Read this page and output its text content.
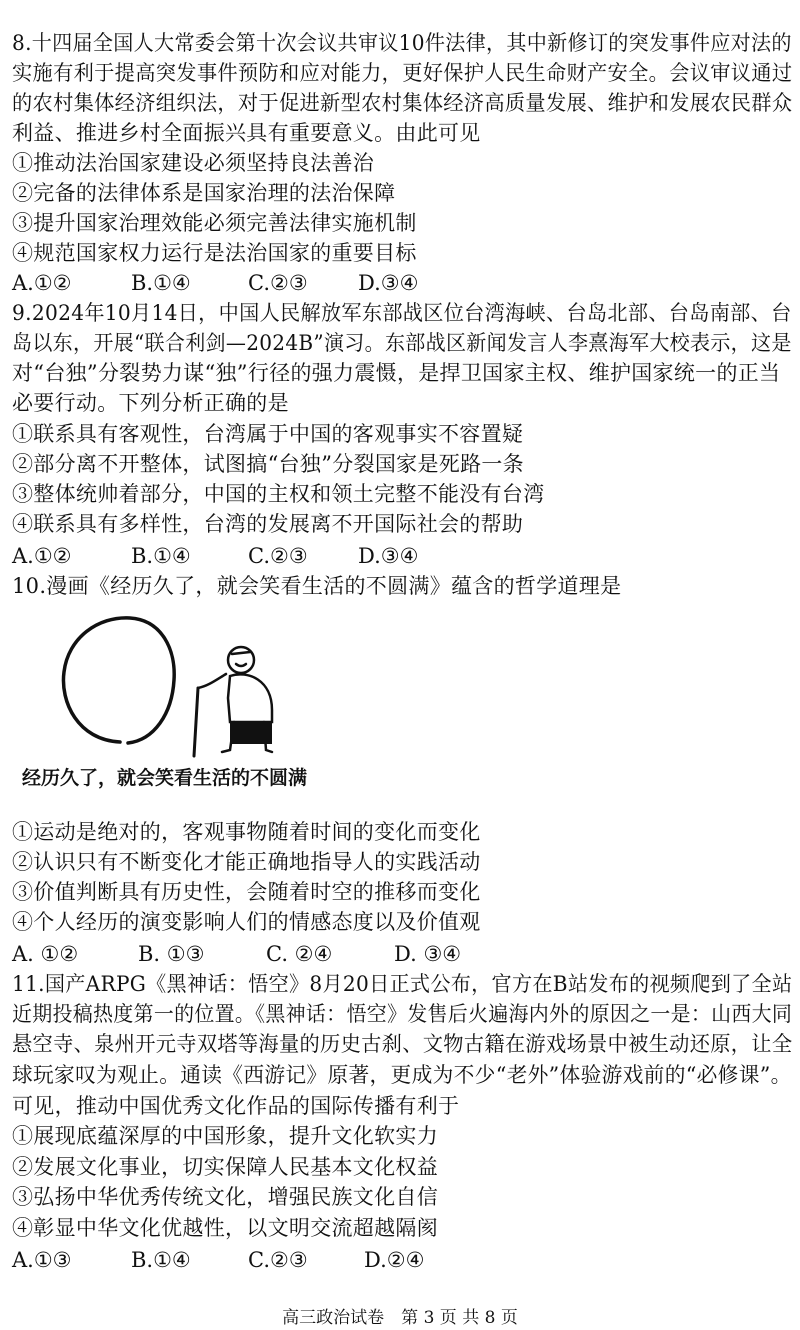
8.十四届全国人大常委会第十次会议共审议10件法律，其中新修订的突发事件应对法的
实施有利于提高突发事件预防和应对能力，更好保护人民生命财产安全。会议审议通过
的农村集体经济组织法，对于促进新型农村集体经济高质量发展、维护和发展农民群众
利益、推进乡村全面振兴具有重要意义。由此可见
①推动法治国家建设必须坚持良法善治
②完备的法律体系是国家治理的法治保障
③提升国家治理效能必须完善法律实施机制
④规范国家权力运行是法治国家的重要目标
A.①②	B.①④	C.②③ D.③④
9.2024年10月14日，中国人民解放军东部战区位台湾海峡、台岛北部、台岛南部、台
岛以东，开展“联合利剑—2024B”演习。东部战区新闻发言人李熹海军大校表示，这是
对“台独”分裂势力谋“独”行径的强力震慑，是捍卫国家主权、维护国家统一的正当
必要行动。下列分析正确的是
①联系具有客观性，台湾属于中国的客观事实不容置疑
②部分离不开整体，试图搞“台独”分裂国家是死路一条
③整体统帅着部分，中国的主权和领土完整不能没有台湾
④联系具有多样性，台湾的发展离不开国际社会的帮助
A.①②	B.①④	C.②③ D.③④
10.漫画《经历久了，就会笑看生活的不圆满》蕴含的哲学道理是
经历久了，就会笑看生活的不圆满
①运动是绝对的，客观事物随着时间的变化而变化
②认识只有不断变化才能正确地指导人的实践活动
③价值判断具有历史性，会随着时空的推移而变化
④个人经历的演变影响人们的情感态度以及价值观
A. ①②	B. ①③	C. ②④	D. ③④
11.国产ARPG《黑神话：悟空》8月20日正式公布，官方在B站发布的视频爬到了全站
近期投稿热度第一的位置。《黑神话：悟空》发售后火遍海内外的原因之一是：山西大同
悬空寺、泉州开元寺双塔等海量的历史古刹、文物古籍在游戏场景中被生动还原，让全
球玩家叹为观止。通读《西游记》原著，更成为不少“老外”体验游戏前的“必修课”。
可见，推动中国优秀文化作品的国际传播有利于
①展现底蕴深厚的中国形象，提升文化软实力
②发展文化事业，切实保障人民基本文化权益
③弘扬中华优秀传统文化，增强民族文化自信
④彰显中华文化优越性，以文明交流超越隔阂
A.①③	B.①④	C.②③	D.②④
高三政治试卷　第 3 页 共 8 页
